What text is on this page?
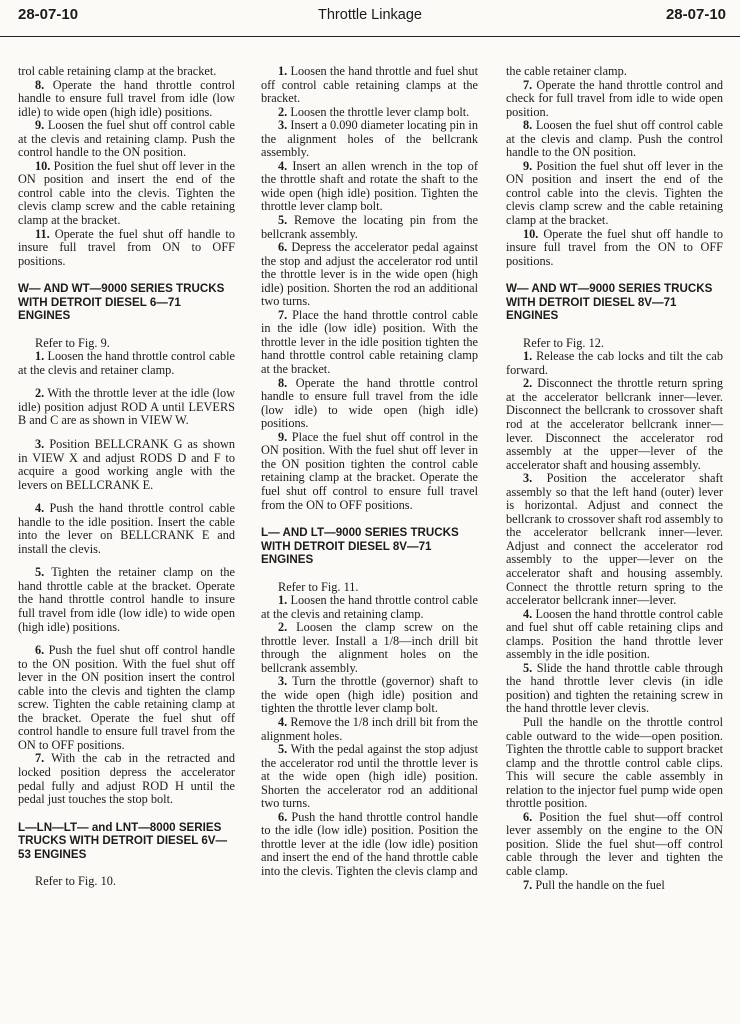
28-07-10	Throttle Linkage	28-07-10

trol cable retaining clamp at the bracket.

8. Operate the hand throttle control handle to ensure full travel from idle (low idle) to wide open (high idle) positions.

9. Loosen the fuel shut off control cable at the clevis and retaining clamp. Push the control handle to the ON position.

10. Position the fuel shut off lever in the ON position and insert the end of the control cable into the clevis. Tighten the clevis clamp screw and the cable retaining clamp at the bracket.

11. Operate the fuel shut off handle to insure full travel from ON to OFF positions.

W— AND WT—9000 SERIES TRUCKS WITH DETROIT DIESEL 6—71 ENGINES

Refer to Fig. 9.

1. Loosen the hand throttle control cable at the clevis and retainer clamp.

2. With the throttle lever at the idle (low idle) position adjust ROD A until LEVERS B and C are as shown in VIEW W.

3. Position BELLCRANK G as shown in VIEW X and adjust RODS D and F to acquire a good working angle with the levers on BELLCRANK E.

4. Push the hand throttle control cable handle to the idle position. Insert the cable into the lever on BELLCRANK E and install the clevis.

5. Tighten the retainer clamp on the hand throttle cable at the bracket. Operate the hand throttle control handle to insure full travel from idle (low idle) to wide open (high idle) positions.

6. Push the fuel shut off control handle to the ON position. With the fuel shut off lever in the ON position insert the control cable into the clevis and tighten the clamp screw. Tighten the cable retaining clamp at the bracket. Operate the fuel shut off control handle to ensure full travel from the ON to OFF positions.

7. With the cab in the retracted and locked position depress the accelerator pedal fully and adjust ROD H until the pedal just touches the stop bolt.

L—LN—LT— and LNT—8000 SERIES TRUCKS WITH DETROIT DIESEL 6V—53 ENGINES

Refer to Fig. 10.

1. Loosen the hand throttle and fuel shut off control cable retaining clamps at the bracket.

2. Loosen the throttle lever clamp bolt.

3. Insert a 0.090 diameter locating pin in the alignment holes of the bellcrank assembly.

4. Insert an allen wrench in the top of the throttle shaft and rotate the shaft to the wide open (high idle) position. Tighten the throttle lever clamp bolt.

5. Remove the locating pin from the bellcrank assembly.

6. Depress the accelerator pedal against the stop and adjust the accelerator rod until the throttle lever is in the wide open (high idle) position. Shorten the rod an additional two turns.

7. Place the hand throttle control cable in the idle (low idle) position. With the throttle lever in the idle position tighten the hand throttle control cable retaining clamp at the bracket.

8. Operate the hand throttle control handle to ensure full travel from the idle (low idle) to wide open (high idle) positions.

9. Place the fuel shut off control in the ON position. With the fuel shut off lever in the ON position tighten the control cable retaining clamp at the bracket. Operate the fuel shut off control to ensure full travel from the ON to OFF positions.

L— AND LT—9000 SERIES TRUCKS WITH DETROIT DIESEL 8V—71 ENGINES

Refer to Fig. 11.

1. Loosen the hand throttle control cable at the clevis and retaining clamp.

2. Loosen the clamp screw on the throttle lever. Install a 1/8—inch drill bit through the alignment holes on the bellcrank assembly.

3. Turn the throttle (governor) shaft to the wide open (high idle) position and tighten the throttle lever clamp bolt.

4. Remove the 1/8 inch drill bit from the alignment holes.

5. With the pedal against the stop adjust the accelerator rod until the throttle lever is at the wide open (high idle) position. Shorten the accelerator rod an additional two turns.

6. Push the hand throttle control handle to the idle (low idle) position. Position the throttle lever at the idle (low idle) position and insert the end of the hand throttle cable into the clevis. Tighten the clevis clamp and

the cable retainer clamp.

7. Operate the hand throttle control and check for full travel from idle to wide open position.

8. Loosen the fuel shut off control cable at the clevis and clamp. Push the control handle to the ON position.

9. Position the fuel shut off lever in the ON position and insert the end of the control cable into the clevis. Tighten the clevis clamp screw and the cable retaining clamp at the bracket.

10. Operate the fuel shut off handle to insure full travel from the ON to OFF positions.

W— AND WT—9000 SERIES TRUCKS WITH DETROIT DIESEL 8V—71 ENGINES

Refer to Fig. 12.

1. Release the cab locks and tilt the cab forward.

2. Disconnect the throttle return spring at the accelerator bellcrank inner—lever. Disconnect the bellcrank to crossover shaft rod at the accelerator bellcrank inner—lever. Disconnect the accelerator rod assembly at the upper—lever of the accelerator shaft and housing assembly.

3. Position the accelerator shaft assembly so that the left hand (outer) lever is horizontal. Adjust and connect the bellcrank to crossover shaft rod assembly to the accelerator bellcrank inner—lever. Adjust and connect the accelerator rod assembly to the upper—lever on the accelerator shaft and housing assembly. Connect the throttle return spring to the accelerator bellcrank inner—lever.

4. Loosen the hand throttle control cable and fuel shut off cable retaining clips and clamps. Position the hand throttle lever assembly in the idle position.

5. Slide the hand throttle cable through the hand throttle lever clevis (in idle position) and tighten the retaining screw in the hand throttle lever clevis.

Pull the handle on the throttle control cable outward to the wide—open position. Tighten the throttle cable to support bracket clamp and the throttle control cable clips. This will secure the cable assembly in relation to the injector fuel pump wide open throttle position.

6. Position the fuel shut—off control lever assembly on the engine to the ON position. Slide the fuel shut—off control cable through the lever and tighten the cable clamp.

7. Pull the handle on the fuel
